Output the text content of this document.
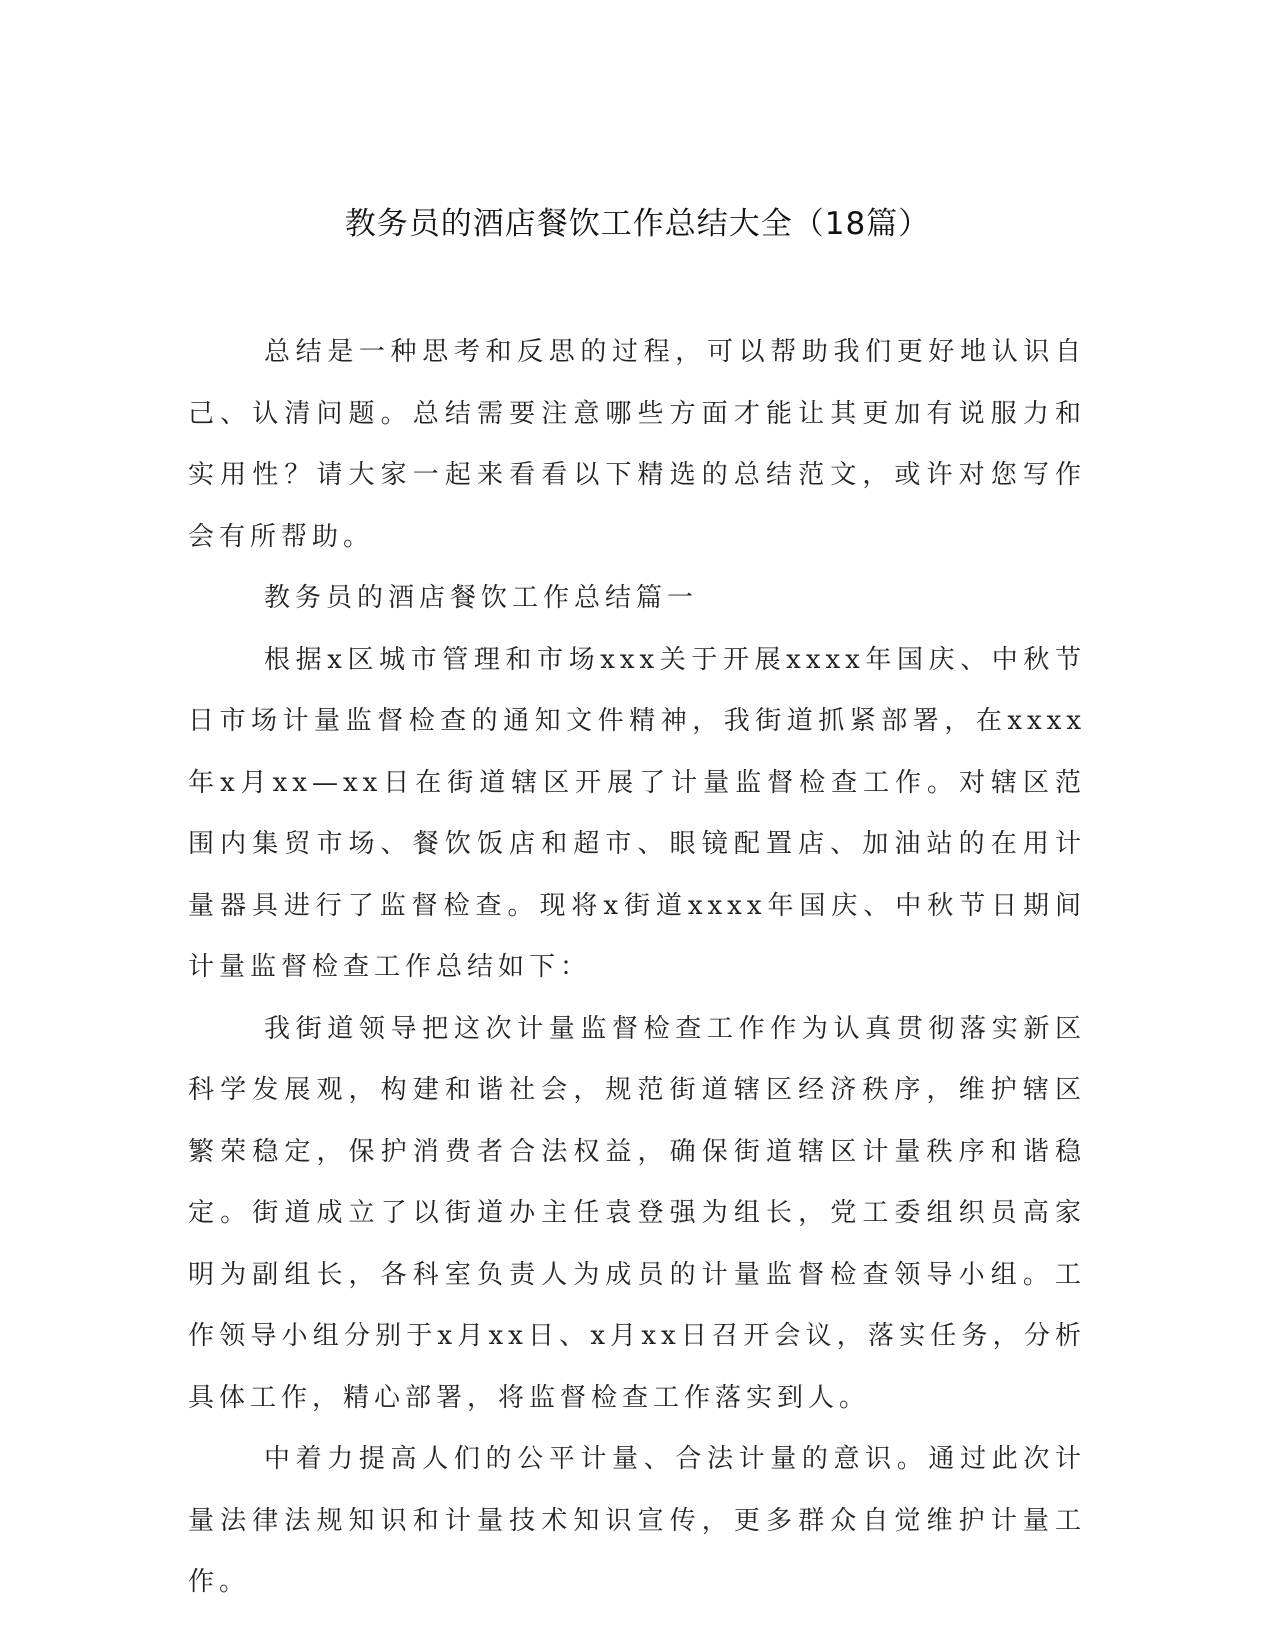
教务员的酒店餐饮工作总结大全（18篇）

总结是一种思考和反思的过程，可以帮助我们更好地认识自己、认清问题。总结需要注意哪些方面才能让其更加有说服力和实用性？请大家一起来看看以下精选的总结范文，或许对您写作会有所帮助。

教务员的酒店餐饮工作总结篇一

根据x区城市管理和市场xxx关于开展xxxx年国庆、中秋节日市场计量监督检查的通知文件精神，我街道抓紧部署，在xxxx年x月xx—xx日在街道辖区开展了计量监督检查工作。对辖区范围内集贸市场、餐饮饭店和超市、眼镜配置店、加油站的在用计量器具进行了监督检查。现将x街道xxxx年国庆、中秋节日期间计量监督检查工作总结如下：

我街道领导把这次计量监督检查工作作为认真贯彻落实新区科学发展观，构建和谐社会，规范街道辖区经济秩序，维护辖区繁荣稳定，保护消费者合法权益，确保街道辖区计量秩序和谐稳定。街道成立了以街道办主任袁登强为组长，党工委组织员高家明为副组长，各科室负责人为成员的计量监督检查领导小组。工作领导小组分别于x月xx日、x月xx日召开会议，落实任务，分析具体工作，精心部署，将监督检查工作落实到人。

中着力提高人们的公平计量、合法计量的意识。通过此次计量法律法规知识和计量技术知识宣传，更多群众自觉维护计量工作。
